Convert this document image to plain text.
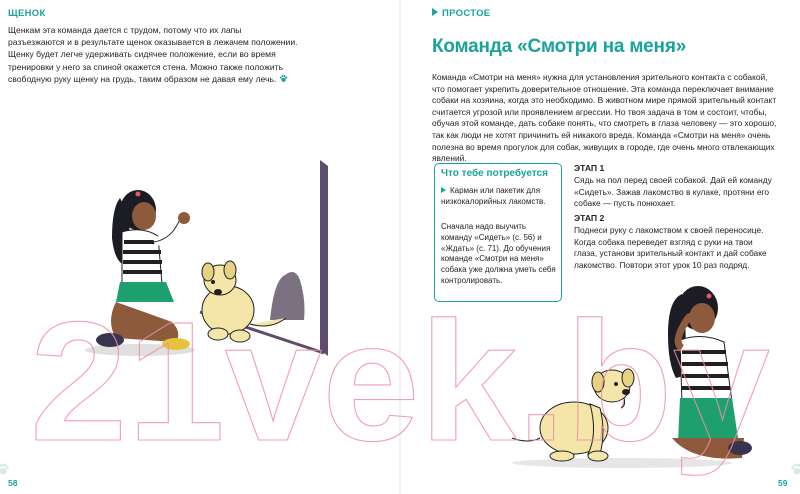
ЩЕНОК
Щенкам эта команда дается с трудом, потому что их лапы разъезжаются и в результате щенок оказывается в лежачем положении. Щенку будет легче удерживать сидячее положение, если во время тренировки у него за спиной окажется стена. Можно также положить свободную руку щенку на грудь, таким образом не давая ему лечь.
58
ПРОСТОЕ
Команда «Смотри на меня»
Команда «Смотри на меня» нужна для установления зрительного контакта с собакой, что помогает укрепить доверительное отношение. Эта команда переключает внимание собаки на хозяина, когда это необходимо. В животном мире прямой зрительный контакт считается угрозой или проявлением агрессии. Но твоя задача в том и состоит, чтобы, обучая этой команде, дать собаке понять, что смотреть в глаза человеку — это хорошо, так как люди не хотят причинить ей никакого вреда. Команда «Смотри на меня» очень полезна во время прогулок для собак, живущих в городе, где очень много отвлекающих явлений.
Что тебе потребуется
Карман или пакетик для низкокалорийных лакомств.
Сначала надо выучить команду «Сидеть» (с. 56) и «Ждать» (с. 71). До обучения команде «Смотри на меня» собака уже должна уметь себя контролировать.
ЭТАП 1
Сядь на пол перед своей собакой. Дай ей команду «Сидеть». Зажав лакомство в кулаке, протяни его собаке — пусть понюхает.
ЭТАП 2
Поднеси руку с лакомством к своей переносице. Когда собака переведет взгляд с руки на твои глаза, установи зрительный контакт и дай собаке лакомство. Повтори этот урок 10 раз подряд.
59
21vek.by
